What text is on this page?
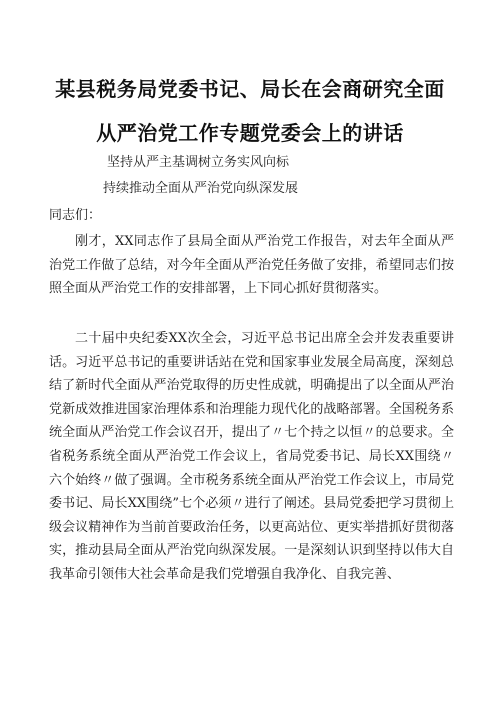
某县税务局党委书记、局长在会商研究全面
从严治党工作专题党委会上的讲话
坚持从严主基调树立务实风向标
持续推动全面从严治党向纵深发展
同志们：

刚才，XX同志作了县局全面从严治党工作报告，对去年全面从严治党工作做了总结，对今年全面从严治党任务做了安排，希望同志们按照全面从严治党工作的安排部署，上下同心抓好贯彻落实。

二十届中央纪委XX次全会，习近平总书记出席全会并发表重要讲话。习近平总书记的重要讲话站在党和国家事业发展全局高度，深刻总结了新时代全面从严治党取得的历史性成就，明确提出了以全面从严治党新成效推进国家治理体系和治理能力现代化的战略部署。全国税务系统全面从严治党工作会议召开，提出了〃七个持之以恒〃的总要求。全省税务系统全面从严治党工作会议上，省局党委书记、局长XX围绕〃六个始终〃做了强调。全市税务系统全面从严治党工作会议上，市局党委书记、局长XX围绕”七个必须〃进行了阐述。县局党委把学习贯彻上级会议精神作为当前首要政治任务，以更高站位、更实举措抓好贯彻落实，推动县局全面从严治党向纵深发展。一是深刻认识到坚持以伟大自我革命引领伟大社会革命是我们党增强自我净化、自我完善、
